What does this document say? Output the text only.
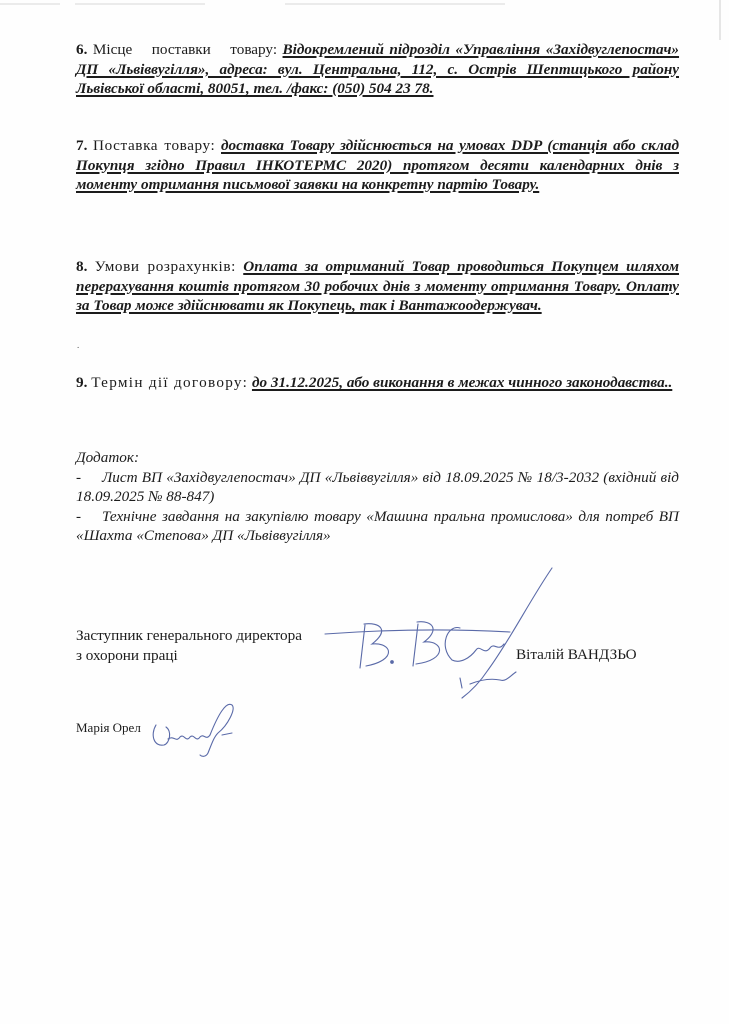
6. Місце поставки товару: Відокремлений підрозділ «Управління «Західвуглепостач» ДП «Львіввугілля», адреса: вул. Центральна, 112, с. Острів Шептицького району Львівської області, 80051, тел. /факс: (050) 504 23 78.
7. Поставка товару: доставка Товару здійснюється на умовах DDP (станція або склад Покупця згідно Правил ІНКОТЕРМС 2020) протягом десяти календарних днів з моменту отримання письмової заявки на конкретну партію Товару.
8. Умови розрахунків: Оплата за отриманий Товар проводиться Покупцем шляхом перерахування коштів протягом 30 робочих днів з моменту отримання Товару. Оплату за Товар може здійснювати як Покупець, так і Вантажоодержувач.
.
9. Термін дії договору: до 31.12.2025, або виконання в межах чинного законодавства..
Додаток:
- Лист ВП «Західвуглепостач» ДП «Львіввугілля» від 18.09.2025 № 18/3-2032 (вхідний від 18.09.2025 № 88-847)
- Технічне завдання на закупівлю товару «Машина пральна промислова» для потреб ВП «Шахта «Степова» ДП «Львіввугілля»
Заступник генерального директора
з охорони праці	Віталій ВАНДЗЬО
Марія Орел
